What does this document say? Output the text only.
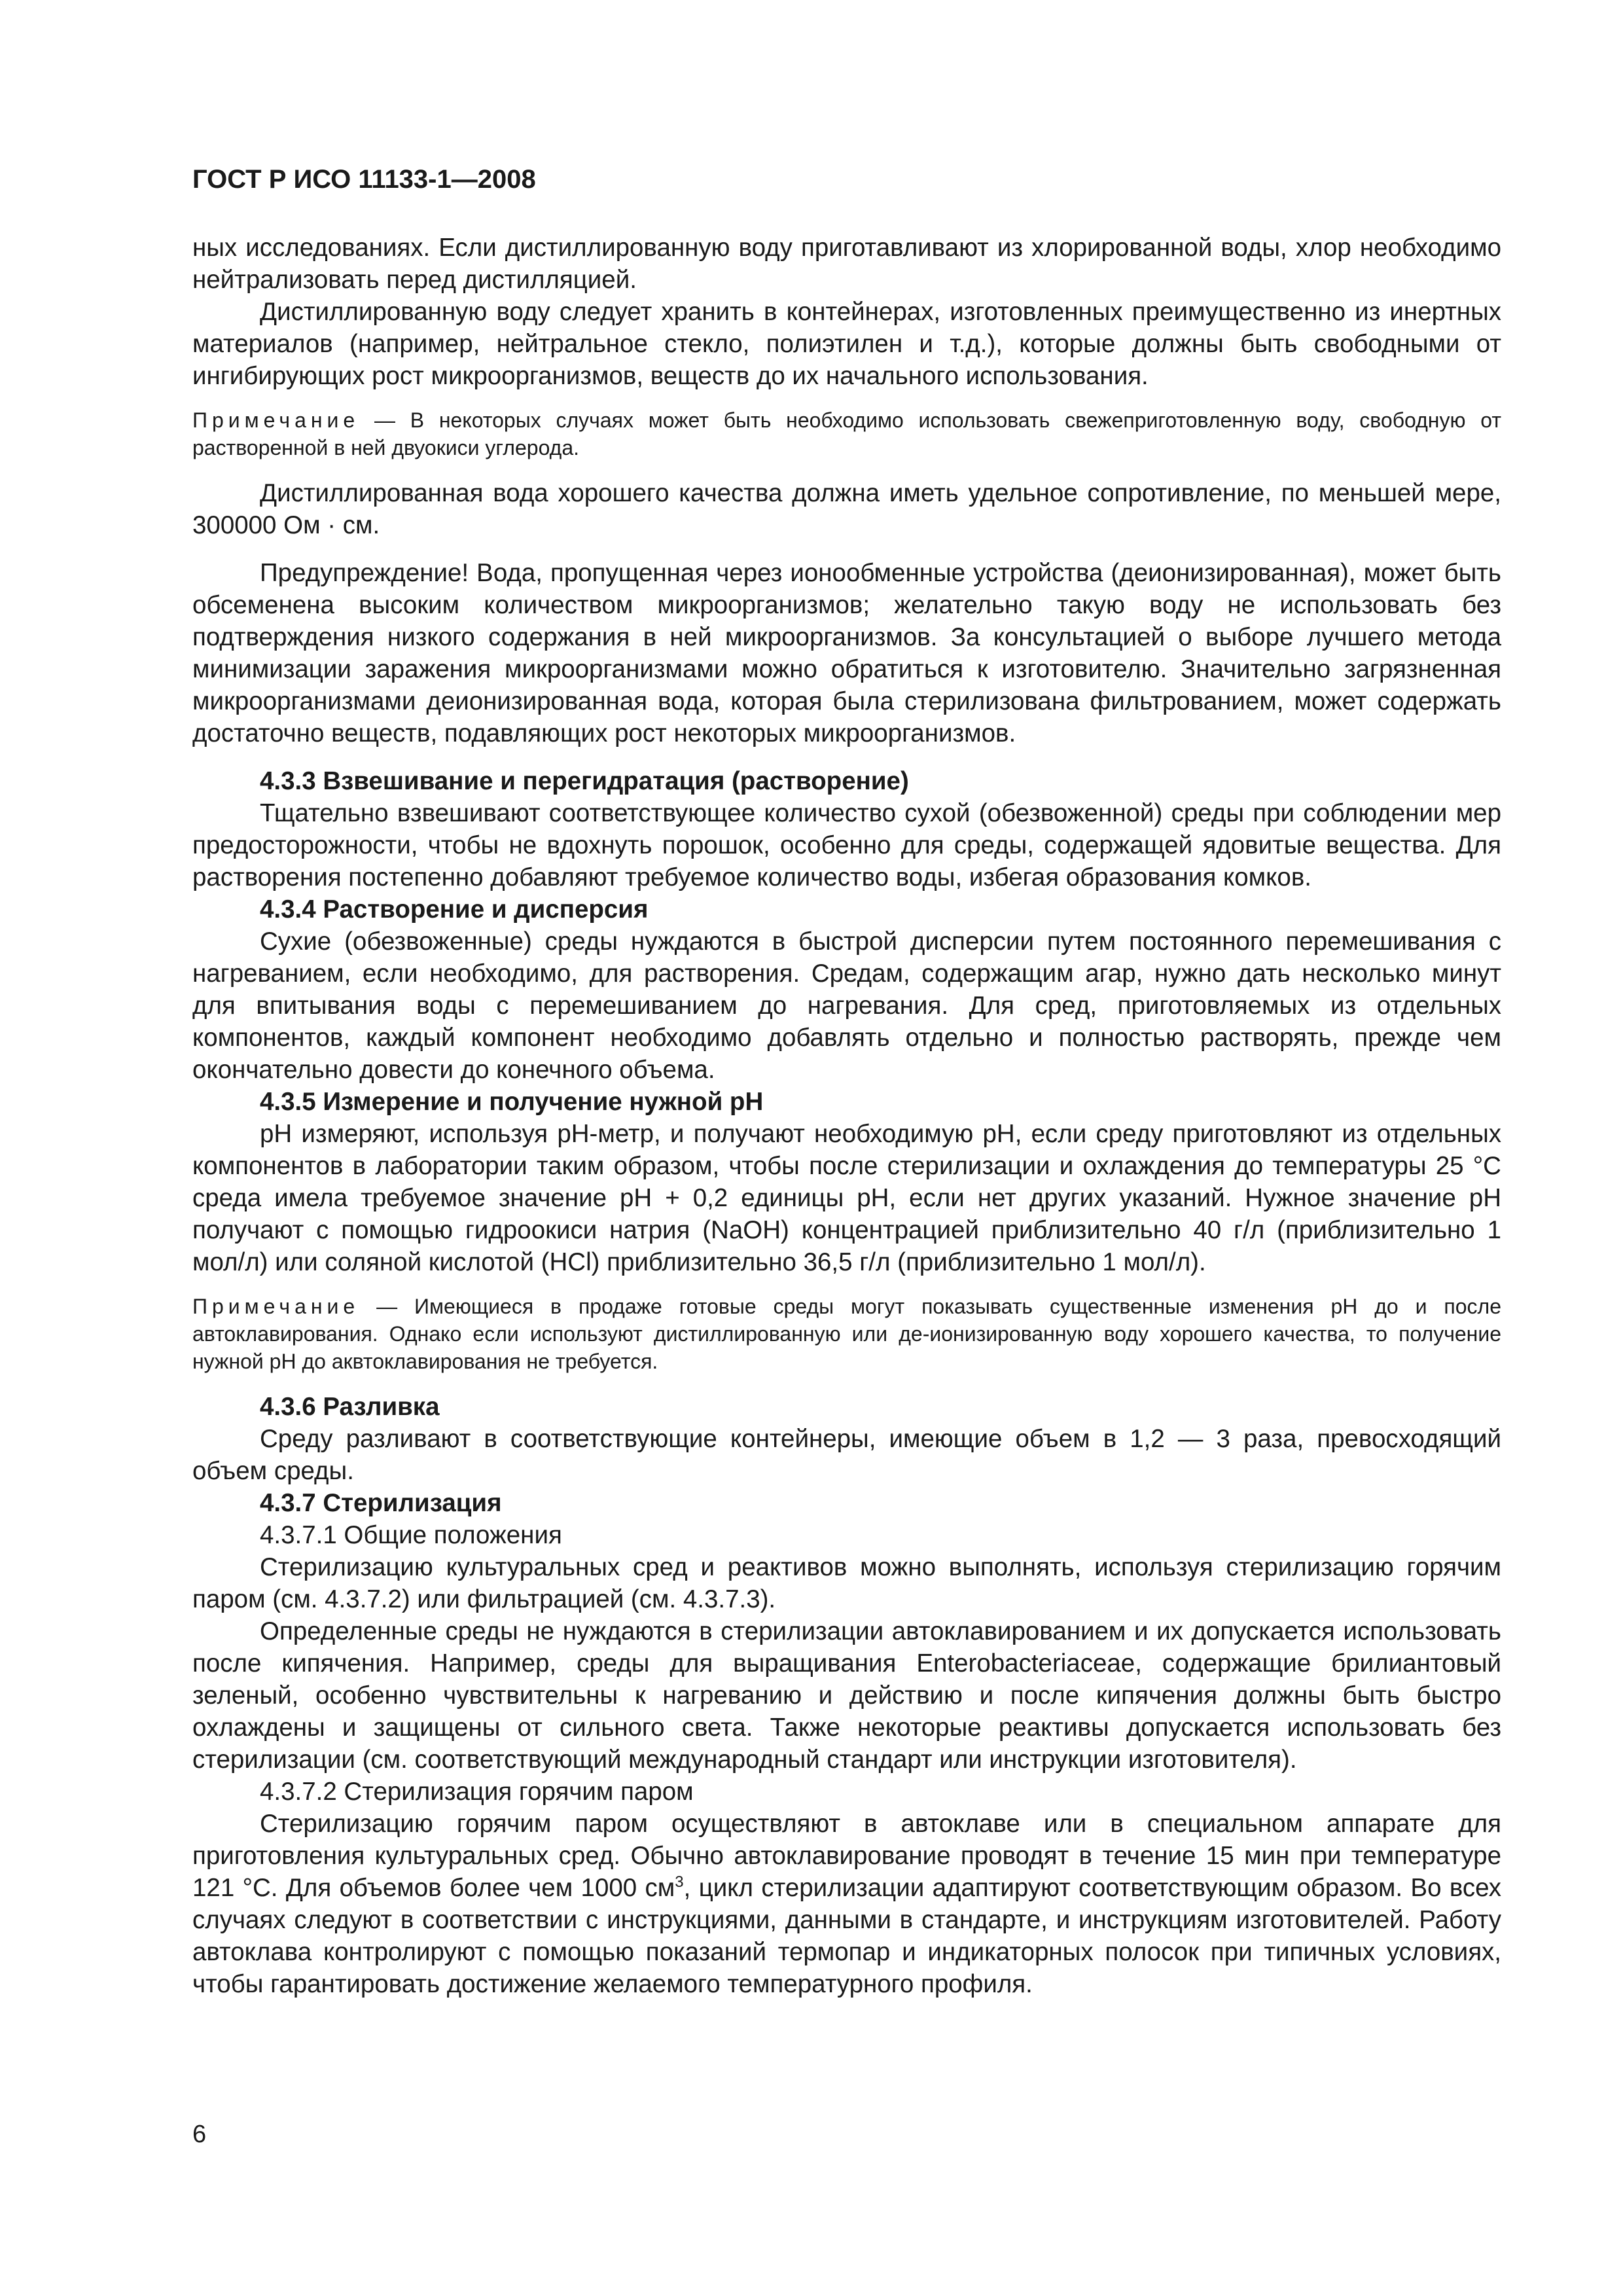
ГОСТ Р ИСО 11133-1—2008

ных исследованиях. Если дистиллированную воду приготавливают из хлорированной воды, хлор необходимо нейтрализовать перед дистилляцией.

Дистиллированную воду следует хранить в контейнерах, изготовленных преимущественно из инертных материалов (например, нейтральное стекло, полиэтилен и т.д.), которые должны быть свободными от ингибирующих рост микроорганизмов, веществ до их начального использования.

Примечание — В некоторых случаях может быть необходимо использовать свежеприготовленную воду, свободную от растворенной в ней двуокиси углерода.

Дистиллированная вода хорошего качества должна иметь удельное сопротивление, по меньшей мере, 300000 Ом · см.

Предупреждение! Вода, пропущенная через ионообменные устройства (деионизированная), может быть обсеменена высоким количеством микроорганизмов; желательно такую воду не использовать без подтверждения низкого содержания в ней микроорганизмов. За консультацией о выборе лучшего метода минимизации заражения микроорганизмами можно обратиться к изготовителю. Значительно загрязненная микроорганизмами деионизированная вода, которая была стерилизована фильтрованием, может содержать достаточно веществ, подавляющих рост некоторых микроорганизмов.

4.3.3 Взвешивание и перегидратация (растворение)

Тщательно взвешивают соответствующее количество сухой (обезвоженной) среды при соблюдении мер предосторожности, чтобы не вдохнуть порошок, особенно для среды, содержащей ядовитые вещества. Для растворения постепенно добавляют требуемое количество воды, избегая образования комков.

4.3.4 Растворение и дисперсия

Сухие (обезвоженные) среды нуждаются в быстрой дисперсии путем постоянного перемешивания с нагреванием, если необходимо, для растворения. Средам, содержащим агар, нужно дать несколько минут для впитывания воды с перемешиванием до нагревания. Для сред, приготовляемых из отдельных компонентов, каждый компонент необходимо добавлять отдельно и полностью растворять, прежде чем окончательно довести до конечного объема.

4.3.5 Измерение и получение нужной pH

pH измеряют, используя pH-метр, и получают необходимую pH, если среду приготовляют из отдельных компонентов в лаборатории таким образом, чтобы после стерилизации и охлаждения до температуры 25 °C среда имела требуемое значение pH + 0,2 единицы pH, если нет других указаний. Нужное значение pH получают с помощью гидроокиси натрия (NaOH) концентрацией приблизительно 40 г/л (приблизительно 1 мол/л) или соляной кислотой (HCl) приблизительно 36,5 г/л (приблизительно 1 мол/л).

Примечание — Имеющиеся в продаже готовые среды могут показывать существенные изменения pH до и после автоклавирования. Однако если используют дистиллированную или де-ионизированную воду хорошего качества, то получение нужной pH до аквтоклавирования не требуется.

4.3.6 Разливка

Среду разливают в соответствующие контейнеры, имеющие объем в 1,2 — 3 раза, превосходящий объем среды.

4.3.7 Стерилизация

4.3.7.1 Общие положения

Стерилизацию культуральных сред и реактивов можно выполнять, используя стерилизацию горячим паром (см. 4.3.7.2) или фильтрацией (см. 4.3.7.3).

Определенные среды не нуждаются в стерилизации автоклавированием и их допускается использовать после кипячения. Например, среды для выращивания Enterobacteriaceae, содержащие брилиантовый зеленый, особенно чувствительны к нагреванию и действию и после кипячения должны быть быстро охлаждены и защищены от сильного света. Также некоторые реактивы допускается использовать без стерилизации (см. соответствующий международный стандарт или инструкции изготовителя).

4.3.7.2 Стерилизация горячим паром

Стерилизацию горячим паром осуществляют в автоклаве или в специальном аппарате для приготовления культуральных сред. Обычно автоклавирование проводят в течение 15 мин при температуре 121 °C. Для объемов более чем 1000 $см^3$, цикл стерилизации адаптируют соответствующим образом. Во всех случаях следуют в соответствии с инструкциями, данными в стандарте, и инструкциям изготовителей. Работу автоклава контролируют с помощью показаний термопар и индикаторных полосок при типичных условиях, чтобы гарантировать достижение желаемого температурного профиля.

6
